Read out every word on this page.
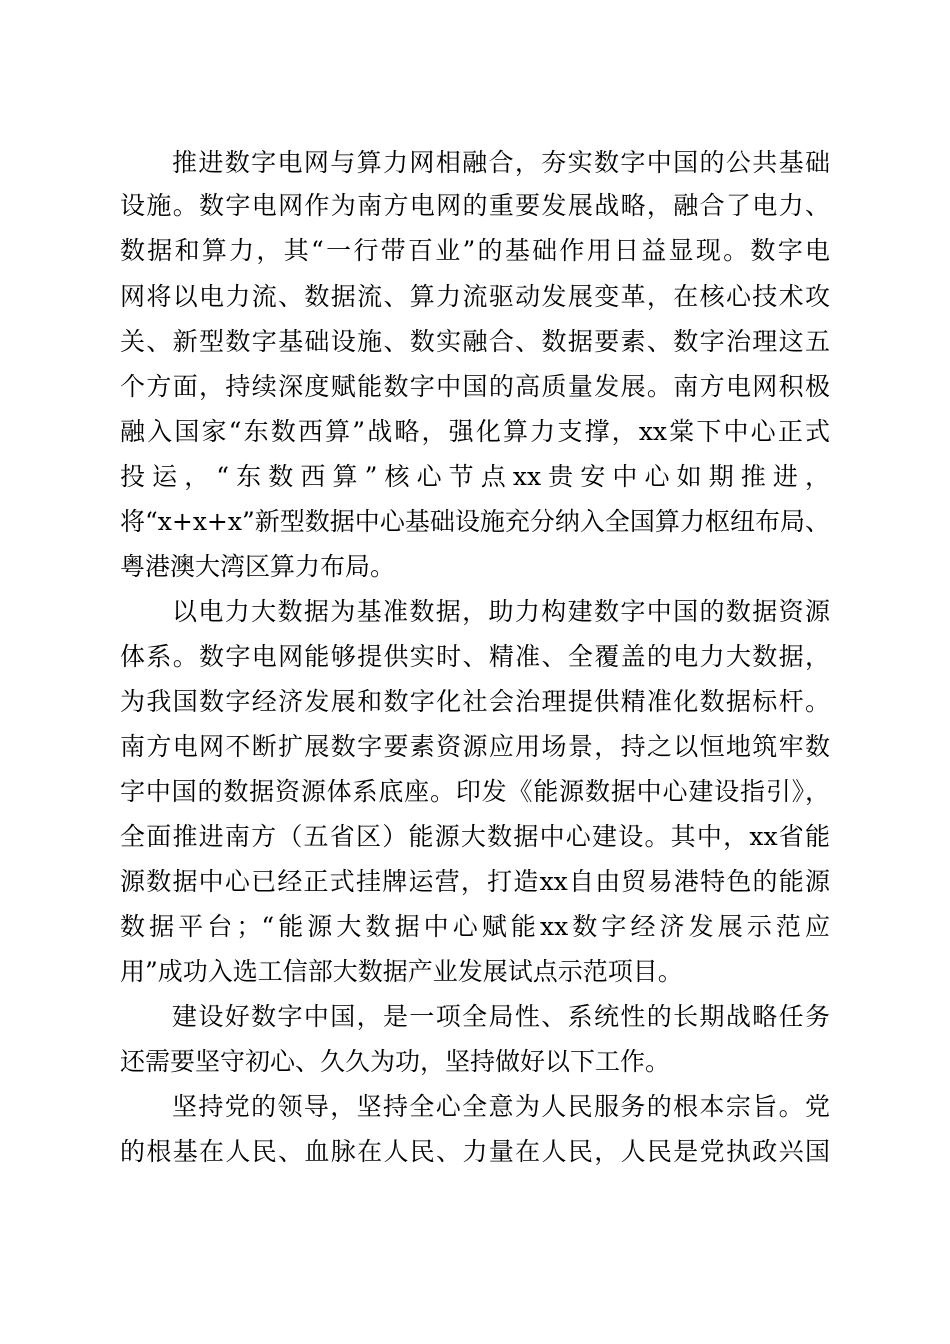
推进数字电网与算力网相融合，夯实数字中国的公共基础
设施。数字电网作为南方电网的重要发展战略，融合了电力、
数据和算力，其“一行带百业”的基础作用日益显现。数字电
网将以电力流、数据流、算力流驱动发展变革，在核心技术攻
关、新型数字基础设施、数实融合、数据要素、数字治理这五
个方面，持续深度赋能数字中国的高质量发展。南方电网积极
融入国家“东数西算”战略，强化算力支撑，xx棠下中心正式
投运，“东数西算”核心节点xx贵安中心如期推进，
将“x+x+x”新型数据中心基础设施充分纳入全国算力枢纽布局、
粤港澳大湾区算力布局。
以电力大数据为基准数据，助力构建数字中国的数据资源
体系。数字电网能够提供实时、精准、全覆盖的电力大数据，
为我国数字经济发展和数字化社会治理提供精准化数据标杆。
南方电网不断扩展数字要素资源应用场景，持之以恒地筑牢数
字中国的数据资源体系底座。印发《能源数据中心建设指引》，
全面推进南方（五省区）能源大数据中心建设。其中，xx省能
源数据中心已经正式挂牌运营，打造xx自由贸易港特色的能源
数据平台；“能源大数据中心赋能xx数字经济发展示范应
用”成功入选工信部大数据产业发展试点示范项目。
建设好数字中国，是一项全局性、系统性的长期战略任务
还需要坚守初心、久久为功，坚持做好以下工作。
坚持党的领导，坚持全心全意为人民服务的根本宗旨。党
的根基在人民、血脉在人民、力量在人民，人民是党执政兴国
